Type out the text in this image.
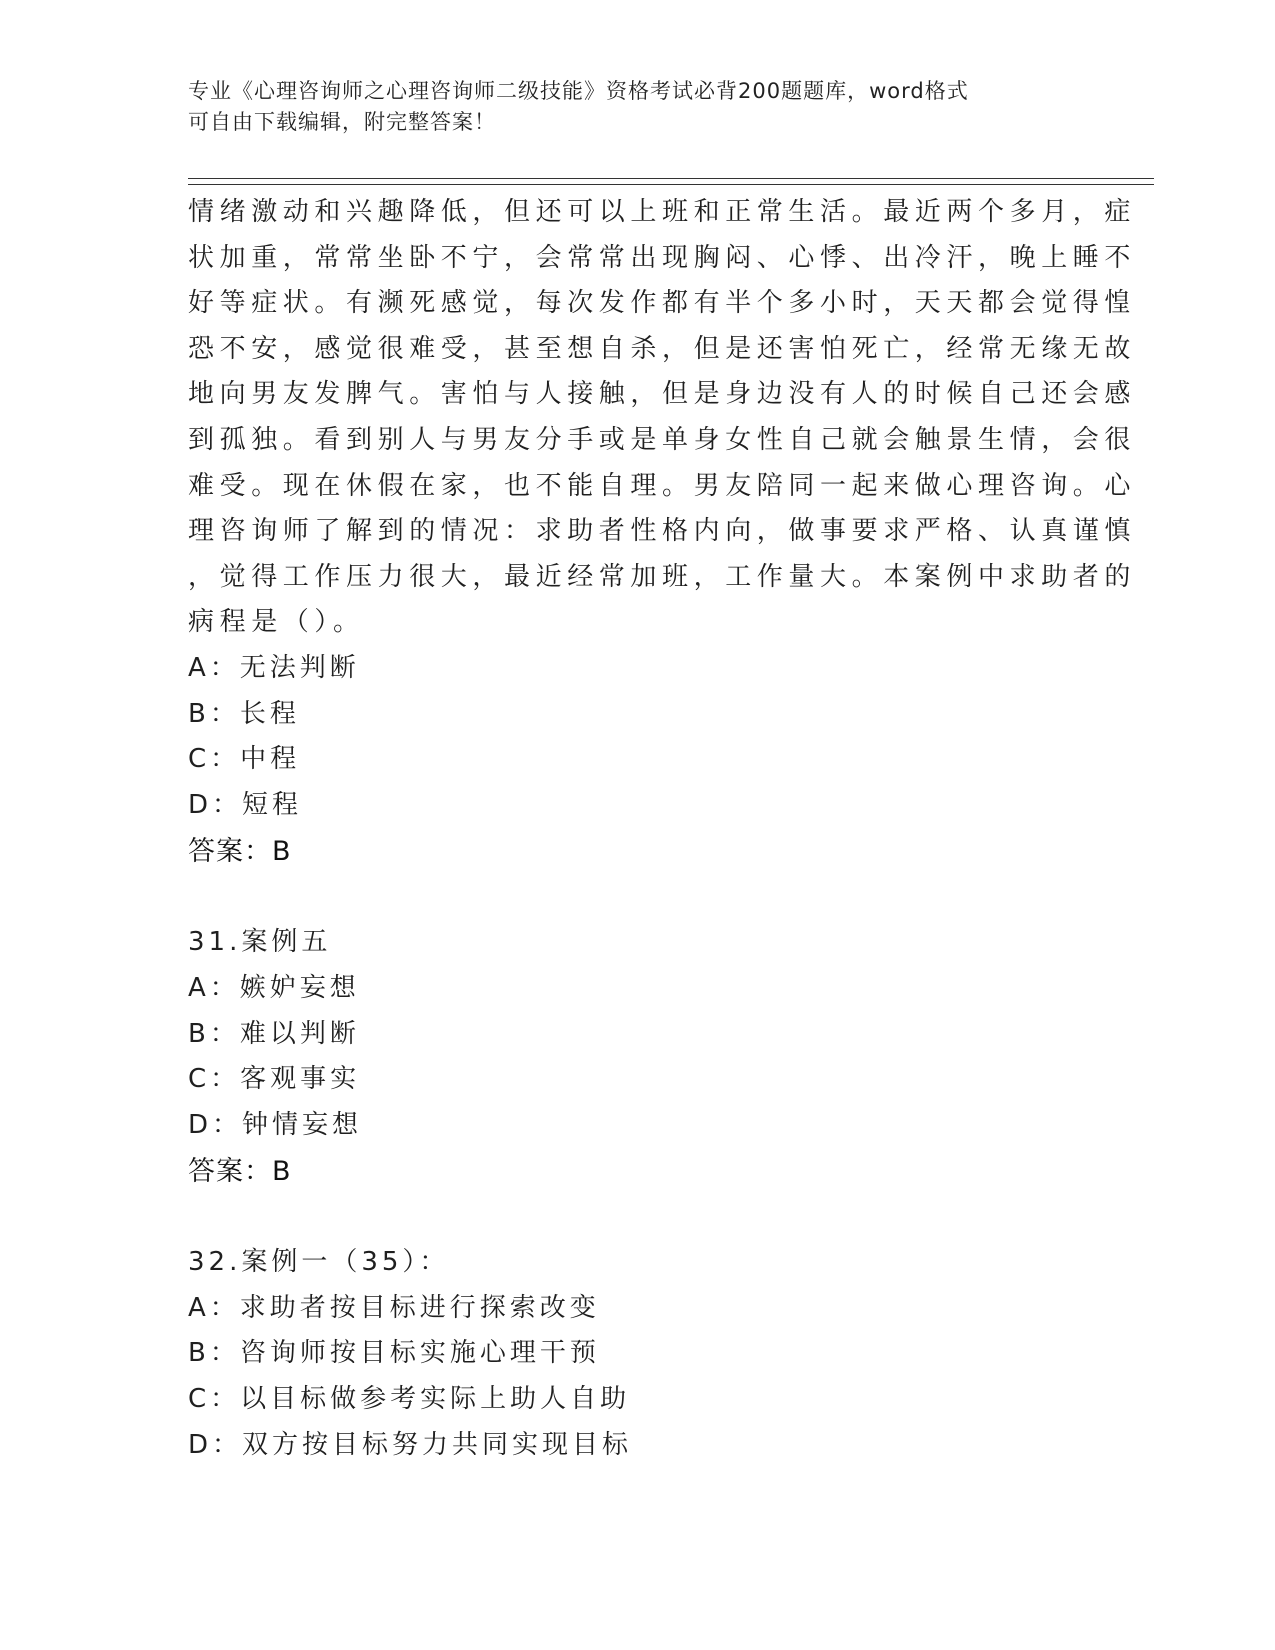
专业《心理咨询师之心理咨询师二级技能》资格考试必背200题题库，word格式
可自由下载编辑，附完整答案！
情绪激动和兴趣降低，但还可以上班和正常生活。最近两个多月，症
状加重，常常坐卧不宁，会常常出现胸闷、心悸、出冷汗，晚上睡不
好等症状。有濒死感觉，每次发作都有半个多小时，天天都会觉得惶
恐不安，感觉很难受，甚至想自杀，但是还害怕死亡，经常无缘无故
地向男友发脾气。害怕与人接触，但是身边没有人的时候自己还会感
到孤独。看到别人与男友分手或是单身女性自己就会触景生情，会很
难受。现在休假在家，也不能自理。男友陪同一起来做心理咨询。心
理咨询师了解到的情况：求助者性格内向，做事要求严格、认真谨慎
，觉得工作压力很大，最近经常加班，工作量大。本案例中求助者的
病程是（）。
A：无法判断
B：长程
C：中程
D：短程
答案：B
31.案例五
A：嫉妒妄想
B：难以判断
C：客观事实
D：钟情妄想
答案：B
32.案例一（35）：
A：求助者按目标进行探索改变
B：咨询师按目标实施心理干预
C：以目标做参考实际上助人自助
D：双方按目标努力共同实现目标
